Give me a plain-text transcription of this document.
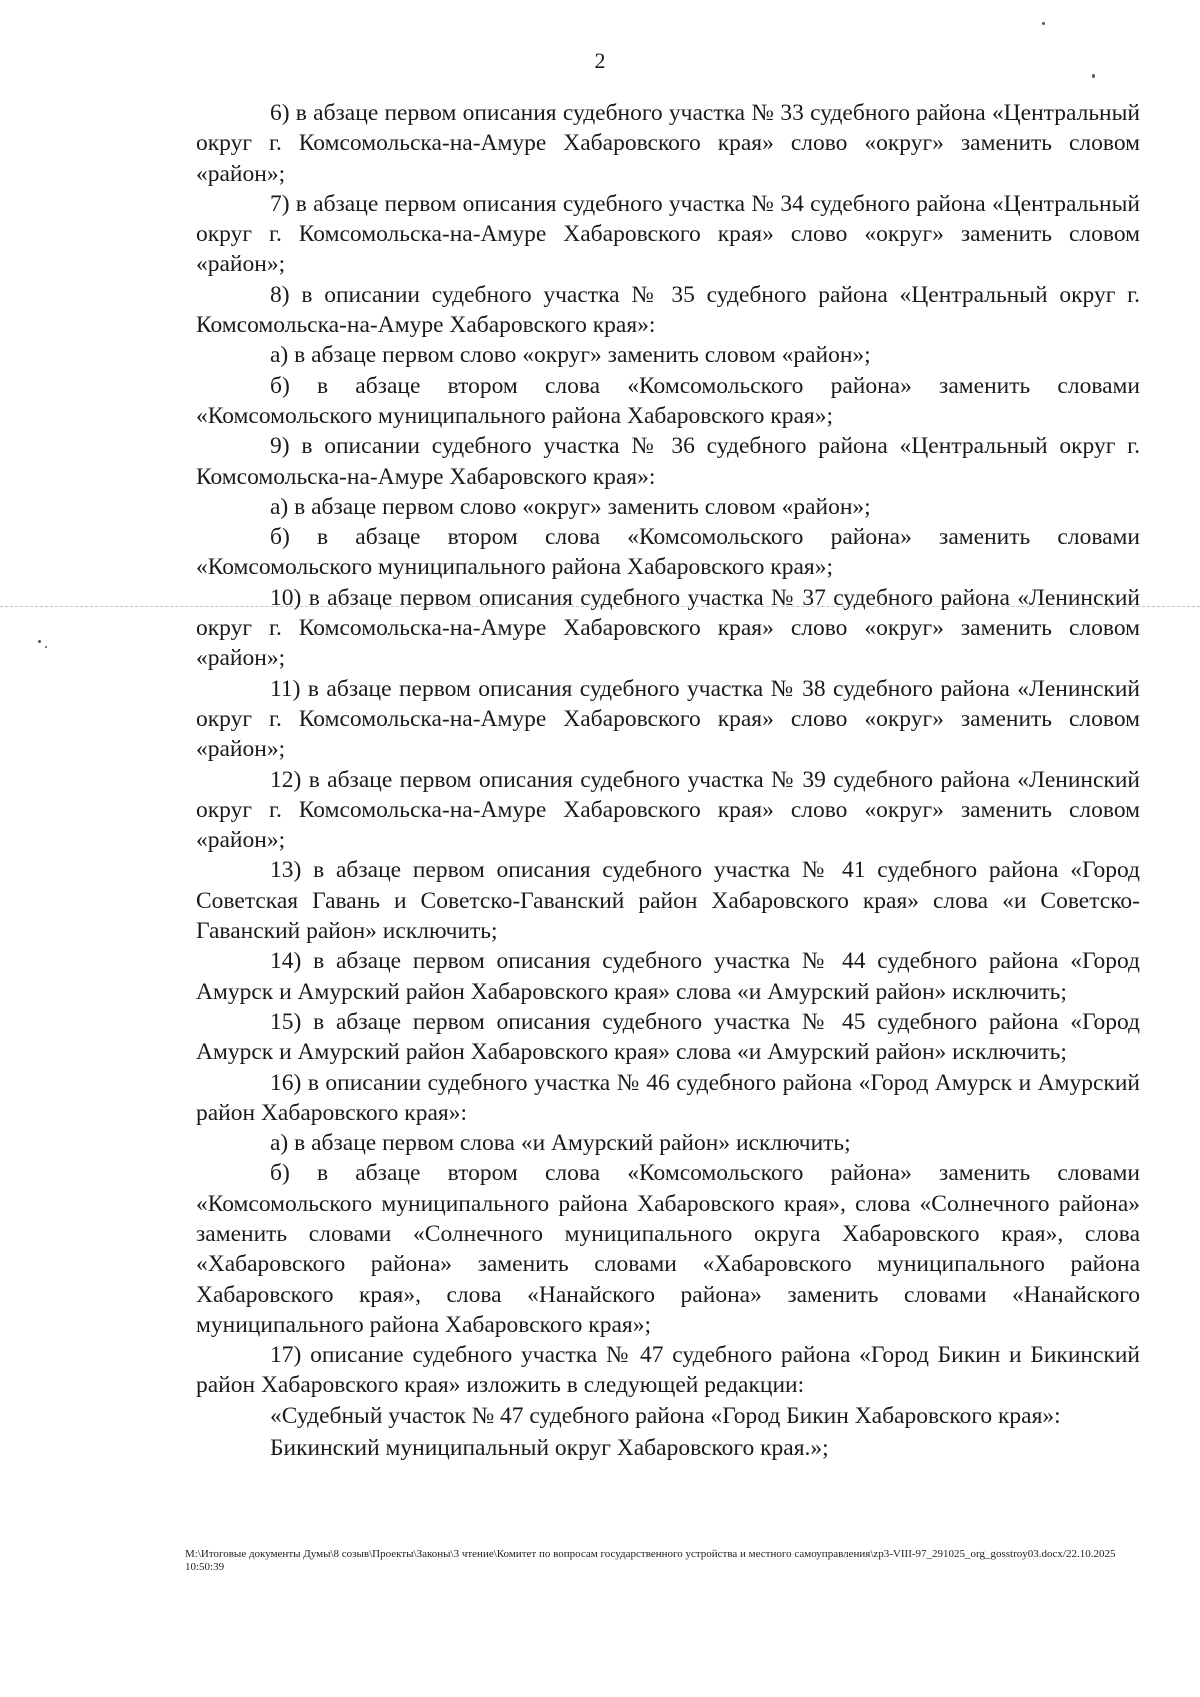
2

6) в абзаце первом описания судебного участка № 33 судебного района «Центральный округ г. Комсомольска-на-Амуре Хабаровского края» слово «округ» заменить словом «район»;

7) в абзаце первом описания судебного участка № 34 судебного района «Центральный округ г. Комсомольска-на-Амуре Хабаровского края» слово «округ» заменить словом «район»;

8) в описании судебного участка № 35 судебного района «Центральный округ г. Комсомольска-на-Амуре Хабаровского края»:

а) в абзаце первом слово «округ» заменить словом «район»;

б) в абзаце втором слова «Комсомольского района» заменить словами «Комсомольского муниципального района Хабаровского края»;

9) в описании судебного участка № 36 судебного района «Центральный округ г. Комсомольска-на-Амуре Хабаровского края»:

а) в абзаце первом слово «округ» заменить словом «район»;

б) в абзаце втором слова «Комсомольского района» заменить словами «Комсомольского муниципального района Хабаровского края»;

10) в абзаце первом описания судебного участка № 37 судебного района «Ленинский округ г. Комсомольска-на-Амуре Хабаровского края» слово «округ» заменить словом «район»;

11) в абзаце первом описания судебного участка № 38 судебного района «Ленинский округ г. Комсомольска-на-Амуре Хабаровского края» слово «округ» заменить словом «район»;

12) в абзаце первом описания судебного участка № 39 судебного района «Ленинский округ г. Комсомольска-на-Амуре Хабаровского края» слово «округ» заменить словом «район»;

13) в абзаце первом описания судебного участка № 41 судебного района «Город Советская Гавань и Советско-Гаванский район Хабаровского края» слова «и Советско-Гаванский район» исключить;

14) в абзаце первом описания судебного участка № 44 судебного района «Город Амурск и Амурский район Хабаровского края» слова «и Амурский район» исключить;

15) в абзаце первом описания судебного участка № 45 судебного района «Город Амурск и Амурский район Хабаровского края» слова «и Амурский район» исключить;

16) в описании судебного участка № 46 судебного района «Город Амурск и Амурский район Хабаровского края»:

а) в абзаце первом слова «и Амурский район» исключить;

б) в абзаце втором слова «Комсомольского района» заменить словами «Комсомольского муниципального района Хабаровского края», слова «Солнечного района» заменить словами «Солнечного муниципального округа Хабаровского края», слова «Хабаровского района» заменить словами «Хабаровского муниципального района Хабаровского края», слова «Нанайского района» заменить словами «Нанайского муниципального района Хабаровского края»;

17) описание судебного участка № 47 судебного района «Город Бикин и Бикинский район Хабаровского края» изложить в следующей редакции:

«Судебный участок № 47 судебного района «Город Бикин Хабаровского края»:

Бикинский муниципальный округ Хабаровского края.»;

M:\Итоговые документы Думы\8 созыв\Проекты\Законы\3 чтение\Комитет по вопросам государственного устройства и местного самоуправления\zp3-VIII-97_291025_org_gosstroy03.docx/22.10.2025 10:50:39
